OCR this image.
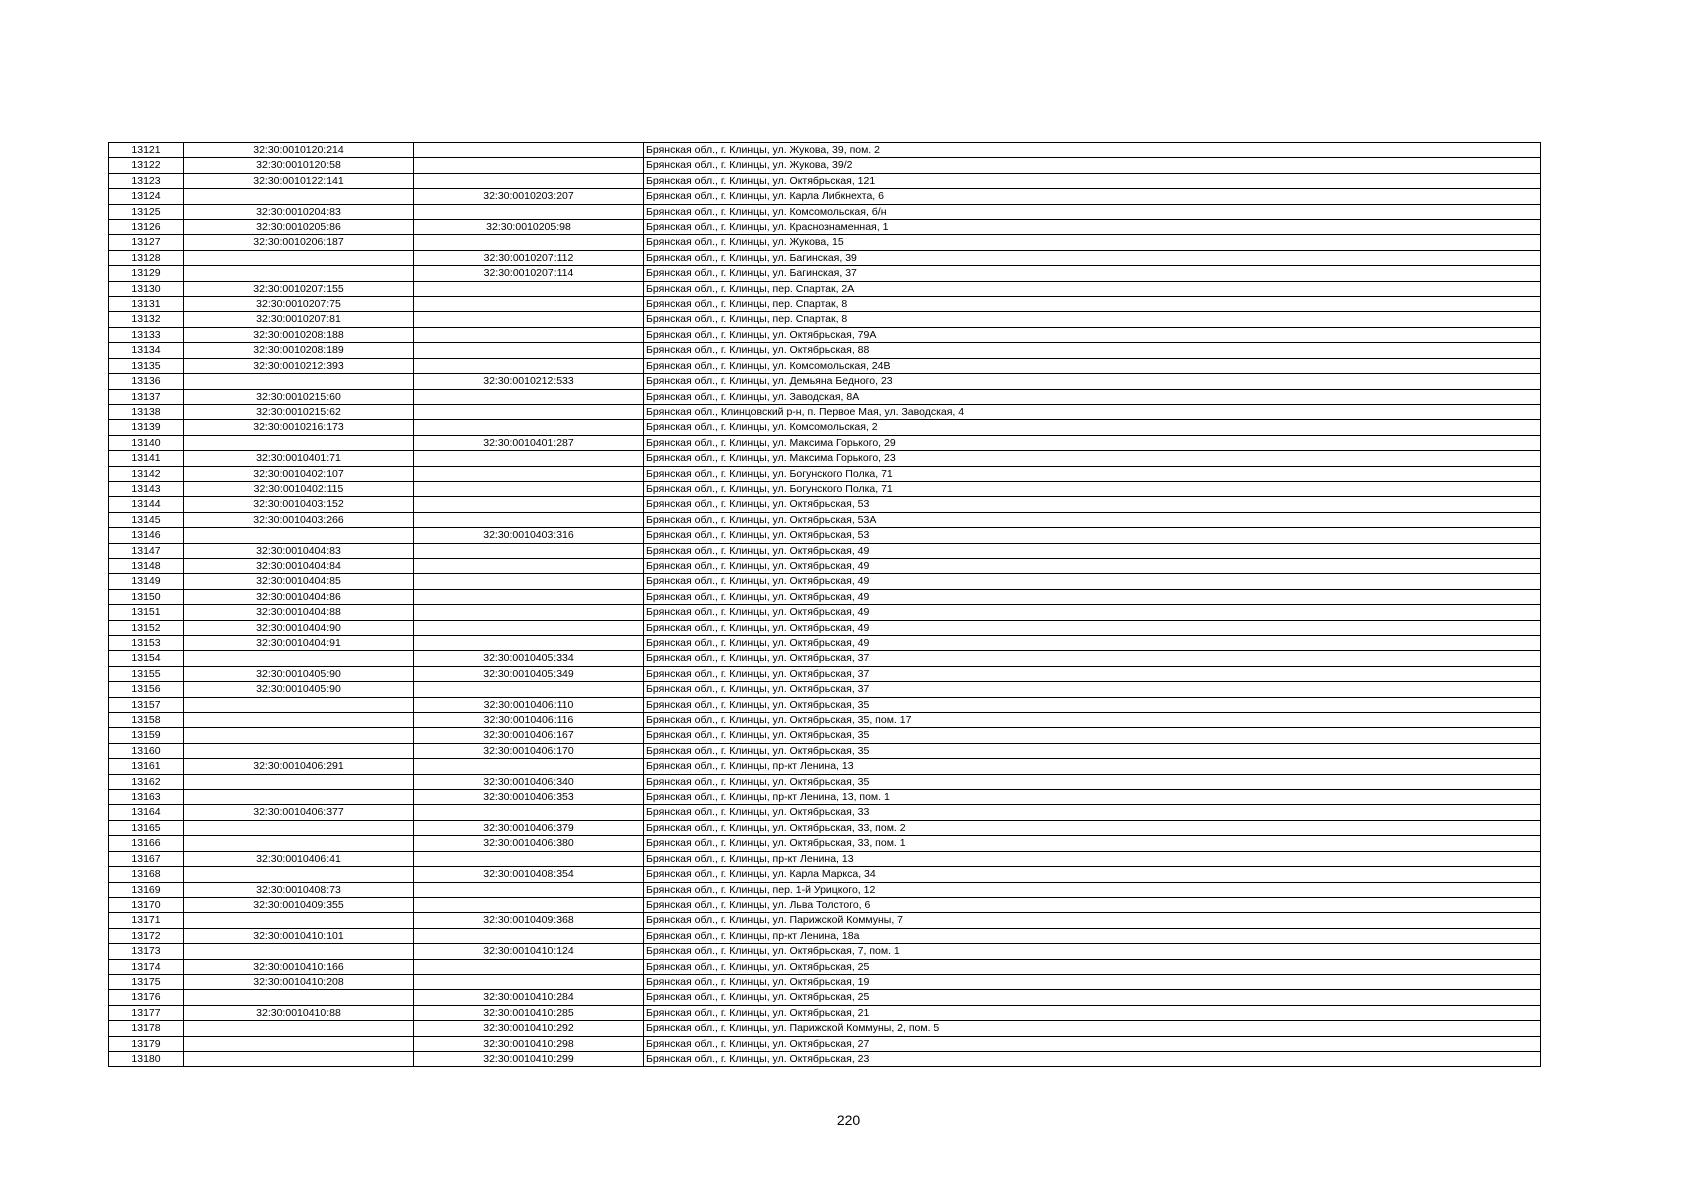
13121	32:30:0010120:214		Брянская обл., г. Клинцы, ул. Жукова, 39, пом. 2
13122	32:30:0010120:58		Брянская обл., г. Клинцы, ул. Жукова, 39/2
13123	32:30:0010122:141		Брянская обл., г. Клинцы, ул. Октябрьская, 121
13124		32:30:0010203:207	Брянская обл., г. Клинцы, ул. Карла Либкнехта, 6
13125	32:30:0010204:83		Брянская обл., г. Клинцы, ул. Комсомольская, б/н
13126	32:30:0010205:86	32:30:0010205:98	Брянская обл., г. Клинцы, ул. Краснознаменная, 1
13127	32:30:0010206:187		Брянская обл., г. Клинцы, ул. Жукова, 15
13128		32:30:0010207:112	Брянская обл., г. Клинцы, ул. Багинская, 39
13129		32:30:0010207:114	Брянская обл., г. Клинцы, ул. Багинская, 37
13130	32:30:0010207:155		Брянская обл., г. Клинцы, пер. Спартак, 2А
13131	32:30:0010207:75		Брянская обл., г. Клинцы, пер. Спартак, 8
13132	32:30:0010207:81		Брянская обл., г. Клинцы, пер. Спартак, 8
13133	32:30:0010208:188		Брянская обл., г. Клинцы, ул. Октябрьская, 79А
13134	32:30:0010208:189		Брянская обл., г. Клинцы, ул. Октябрьская, 88
13135	32:30:0010212:393		Брянская обл., г. Клинцы, ул. Комсомольская, 24В
13136		32:30:0010212:533	Брянская обл., г. Клинцы, ул. Демьяна Бедного, 23
13137	32:30:0010215:60		Брянская обл., г. Клинцы, ул. Заводская, 8А
13138	32:30:0010215:62		Брянская обл., Клинцовский р-н, п. Первое Мая, ул. Заводская, 4
13139	32:30:0010216:173		Брянская обл., г. Клинцы, ул. Комсомольская, 2
13140		32:30:0010401:287	Брянская обл., г. Клинцы, ул. Максима Горького, 29
13141	32:30:0010401:71		Брянская обл., г. Клинцы, ул. Максима Горького, 23
13142	32:30:0010402:107		Брянская обл., г. Клинцы, ул. Богунского Полка, 71
13143	32:30:0010402:115		Брянская обл., г. Клинцы, ул. Богунского Полка, 71
13144	32:30:0010403:152		Брянская обл., г. Клинцы, ул. Октябрьская, 53
13145	32:30:0010403:266		Брянская обл., г. Клинцы, ул. Октябрьская, 53А
13146		32:30:0010403:316	Брянская обл., г. Клинцы, ул. Октябрьская, 53
13147	32:30:0010404:83		Брянская обл., г. Клинцы, ул. Октябрьская, 49
13148	32:30:0010404:84		Брянская обл., г. Клинцы, ул. Октябрьская, 49
13149	32:30:0010404:85		Брянская обл., г. Клинцы, ул. Октябрьская, 49
13150	32:30:0010404:86		Брянская обл., г. Клинцы, ул. Октябрьская, 49
13151	32:30:0010404:88		Брянская обл., г. Клинцы, ул. Октябрьская, 49
13152	32:30:0010404:90		Брянская обл., г. Клинцы, ул. Октябрьская, 49
13153	32:30:0010404:91		Брянская обл., г. Клинцы, ул. Октябрьская, 49
13154		32:30:0010405:334	Брянская обл., г. Клинцы, ул. Октябрьская, 37
13155	32:30:0010405:90	32:30:0010405:349	Брянская обл., г. Клинцы, ул. Октябрьская, 37
13156	32:30:0010405:90		Брянская обл., г. Клинцы, ул. Октябрьская, 37
13157		32:30:0010406:110	Брянская обл., г. Клинцы, ул. Октябрьская, 35
13158		32:30:0010406:116	Брянская обл., г. Клинцы, ул. Октябрьская, 35, пом. 17
13159		32:30:0010406:167	Брянская обл., г. Клинцы, ул. Октябрьская, 35
13160		32:30:0010406:170	Брянская обл., г. Клинцы, ул. Октябрьская, 35
13161	32:30:0010406:291		Брянская обл., г. Клинцы, пр-кт Ленина, 13
13162		32:30:0010406:340	Брянская обл., г. Клинцы, ул. Октябрьская, 35
13163		32:30:0010406:353	Брянская обл., г. Клинцы, пр-кт Ленина, 13, пом. 1
13164	32:30:0010406:377		Брянская обл., г. Клинцы, ул. Октябрьская, 33
13165		32:30:0010406:379	Брянская обл., г. Клинцы, ул. Октябрьская, 33, пом. 2
13166		32:30:0010406:380	Брянская обл., г. Клинцы, ул. Октябрьская, 33, пом. 1
13167	32:30:0010406:41		Брянская обл., г. Клинцы, пр-кт Ленина, 13
13168		32:30:0010408:354	Брянская обл., г. Клинцы, ул. Карла Маркса, 34
13169	32:30:0010408:73		Брянская обл., г. Клинцы, пер. 1-й Урицкого, 12
13170	32:30:0010409:355		Брянская обл., г. Клинцы, ул. Льва Толстого, 6
13171		32:30:0010409:368	Брянская обл., г. Клинцы, ул. Парижской Коммуны, 7
13172	32:30:0010410:101		Брянская обл., г. Клинцы, пр-кт Ленина, 18а
13173		32:30:0010410:124	Брянская обл., г. Клинцы, ул. Октябрьская, 7, пом. 1
13174	32:30:0010410:166		Брянская обл., г. Клинцы, ул. Октябрьская, 25
13175	32:30:0010410:208		Брянская обл., г. Клинцы, ул. Октябрьская, 19
13176		32:30:0010410:284	Брянская обл., г. Клинцы, ул. Октябрьская, 25
13177	32:30:0010410:88	32:30:0010410:285	Брянская обл., г. Клинцы, ул. Октябрьская, 21
13178		32:30:0010410:292	Брянская обл., г. Клинцы, ул. Парижской Коммуны, 2, пом. 5
13179		32:30:0010410:298	Брянская обл., г. Клинцы, ул. Октябрьская, 27
13180		32:30:0010410:299	Брянская обл., г. Клинцы, ул. Октябрьская, 23
220
